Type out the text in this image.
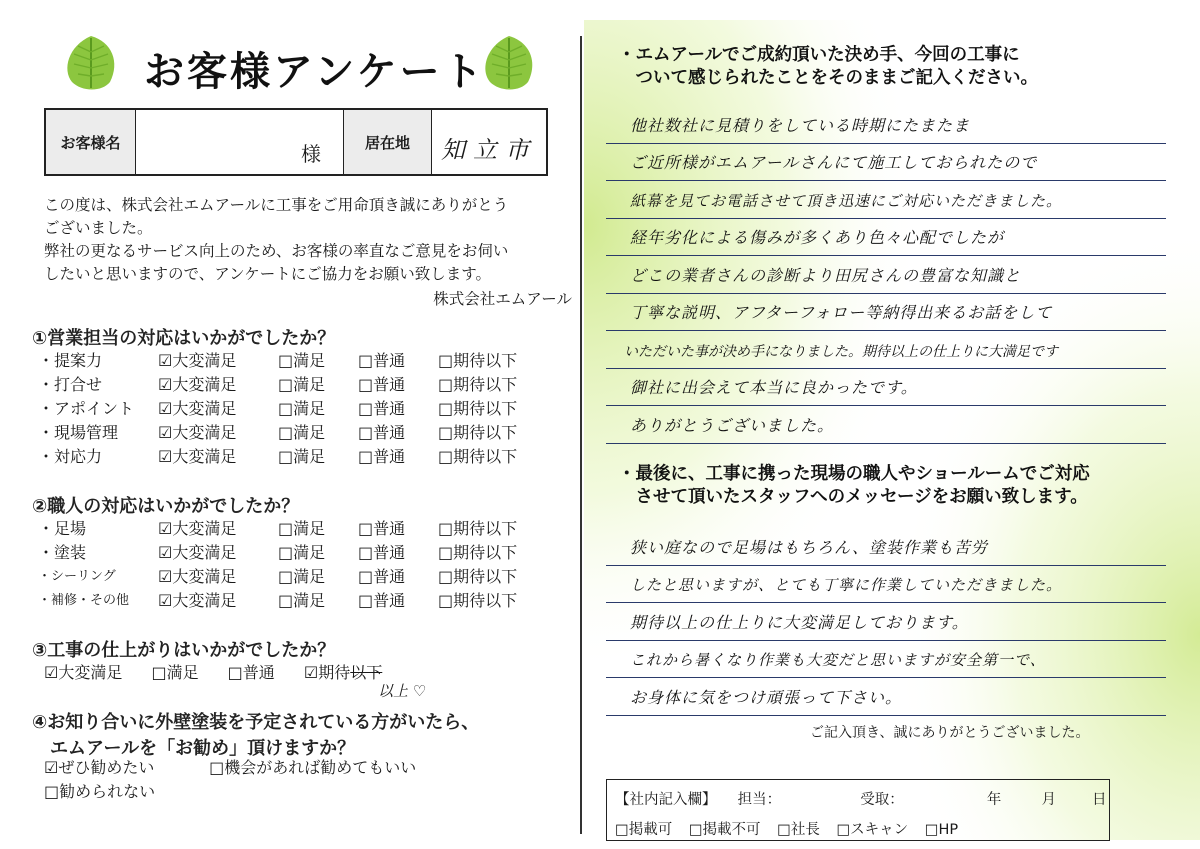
お客様アンケート
お客様名	様	居在地	知立市
この度は、株式会社エムアールに工事をご用命頂き誠にありがとう
ございました。
弊社の更なるサービス向上のため、お客様の率直なご意見をお伺い
したいと思いますので、アンケートにご協力をお願い致します。
株式会社エムアール
①営業担当の対応はいかがでしたか？
・提案力	☑大変満足	□満足	□普通	□期待以下
・打合せ	☑大変満足	□満足	□普通	□期待以下
・アポイント	☑大変満足	□満足	□普通	□期待以下
・現場管理	☑大変満足	□満足	□普通	□期待以下
・対応力	☑大変満足	□満足	□普通	□期待以下
②職人の対応はいかがでしたか？
・足場	☑大変満足	□満足	□普通	□期待以下
・塗装	☑大変満足	□満足	□普通	□期待以下
・シーリング	☑大変満足	□満足	□普通	□期待以下
・補修・その他	☑大変満足	□満足	□普通	□期待以下
③工事の仕上がりはいかがでしたか？
☑大変満足 □満足 □普通 ☑期待以下
以上 ♡
④お知り合いに外壁塗装を予定されている方がいたら、
　エムアールを「お勧め」頂けますか？
☑ぜひ勧めたい	□機会があれば勧めてもいい
□勧められない
・エムアールでご成約頂いた決め手、今回の工事に
　ついて感じられたことをそのままご記入ください。
他社数社に見積りをしている時期にたまたま
ご近所様がエムアールさんにて施工しておられたので
紙幕を見てお電話させて頂き迅速にご対応いただきました。
経年劣化による傷みが多くあり色々心配でしたが
どこの業者さんの診断より田尻さんの豊富な知識と
丁寧な説明、アフターフォロー等納得出来るお話をして
いただいた事が決め手になりました。期待以上の仕上りに大満足です
御社に出会えて本当に良かったです。
ありがとうございました。
・最後に、工事に携った現場の職人やショールームでご対応
　させて頂いたスタッフへのメッセージをお願い致します。
狭い庭なので足場はもちろん、塗装作業も苦労
したと思いますが、とても丁寧に作業していただきました。
期待以上の仕上りに大変満足しております。
これから暑くなり作業も大変だと思いますが安全第一で、
お身体に気をつけ頑張って下さい。
ご記入頂き、誠にありがとうございました。
【社内記入欄】 担当：	受取：	年	月 日
□掲載可 □掲載不可 □社長 □スキャン □HP
